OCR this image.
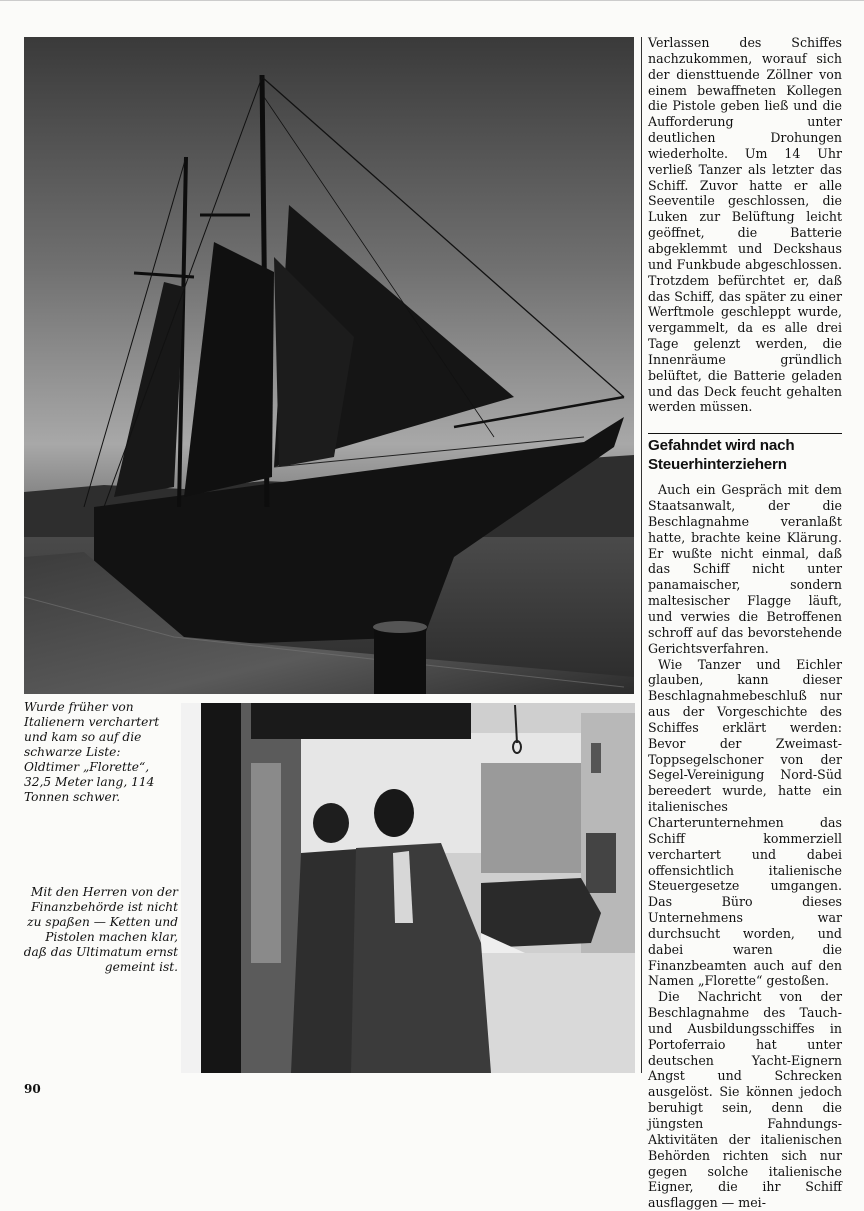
Wurde früher von Italienern verchartert und kam so auf die schwarze Liste: Oldtimer „Florette“, 32,5 Meter lang, 114 Tonnen schwer.
Mit den Herren von der Finanzbehörde ist nicht zu spaßen — Ketten und Pistolen machen klar, daß das Ultimatum ernst gemeint ist.

Verlassen des Schiffes nachzukommen, worauf sich der diensttuende Zöllner von einem bewaffneten Kollegen die Pistole geben ließ und die Aufforderung unter deutlichen Drohungen wiederholte. Um 14 Uhr verließ Tanzer als letzter das Schiff. Zuvor hatte er alle Seeventile geschlossen, die Luken zur Belüftung leicht geöffnet, die Batterie abgeklemmt und Deckshaus und Funkbude abgeschlossen. Trotzdem befürchtet er, daß das Schiff, das später zu einer Werftmole geschleppt wurde, vergammelt, da es alle drei Tage gelenzt werden, die Innenräume gründlich belüftet, die Batterie geladen und das Deck feucht gehalten werden müssen.

Gefahndet wird nach Steuerhinterziehern

Auch ein Gespräch mit dem Staatsanwalt, der die Beschlagnahme veranlaßt hatte, brachte keine Klärung. Er wußte nicht einmal, daß das Schiff nicht unter panamaischer, sondern maltesischer Flagge läuft, und verwies die Betroffenen schroff auf das bevorstehende Gerichtsverfahren.

Wie Tanzer und Eichler glauben, kann dieser Beschlagnahmebeschluß nur aus der Vorgeschichte des Schiffes erklärt werden: Bevor der Zweimast-Toppsegelschoner von der Segel-Vereinigung Nord-Süd bereedert wurde, hatte ein italienisches Charterunternehmen das Schiff kommerziell verchartert und dabei offensichtlich italienische Steuergesetze umgangen. Das Büro dieses Unternehmens war durchsucht worden, und dabei waren die Finanzbeamten auch auf den Namen „Florette“ gestoßen.

Die Nachricht von der Beschlagnahme des Tauch- und Ausbildungsschiffes in Portoferraio hat unter deutschen Yacht-Eignern Angst und Schrecken ausgelöst. Sie können jedoch beruhigt sein, denn die jüngsten Fahndungs-Aktivitäten der italienischen Behörden richten sich nur gegen solche italienische Eigner, die ihr Schiff ausflaggen — mei-

90
